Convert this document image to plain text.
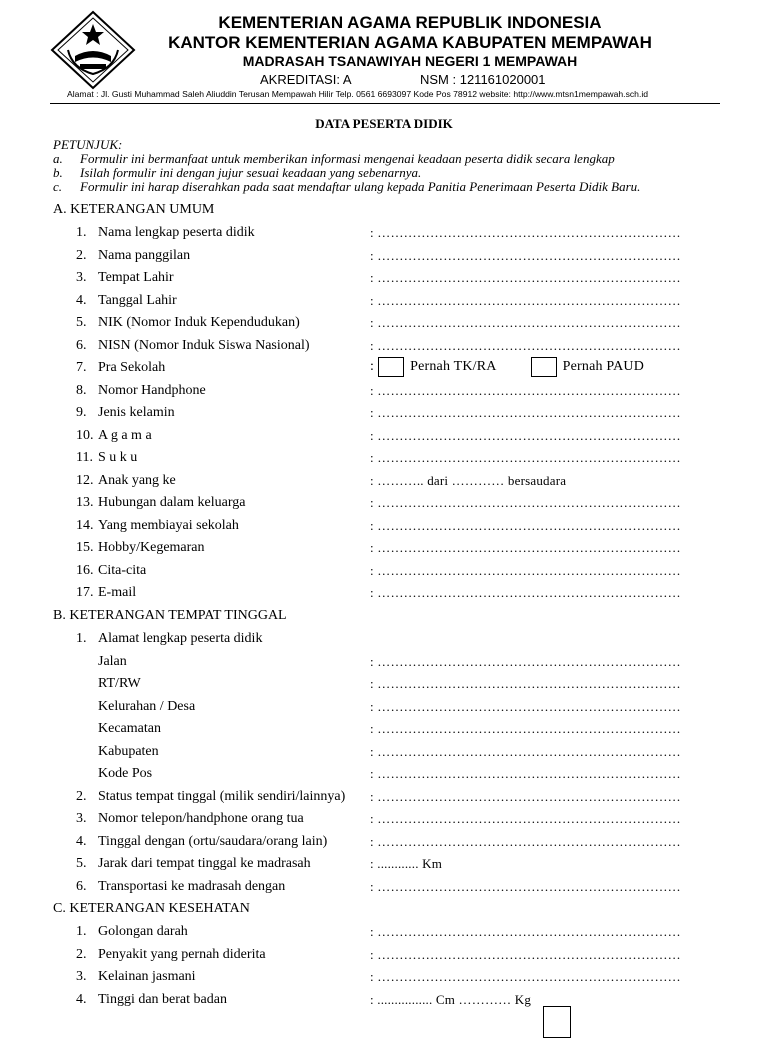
KEMENTERIAN AGAMA REPUBLIK INDONESIA
KANTOR KEMENTERIAN AGAMA KABUPATEN MEMPAWAH
MADRASAH TSANAWIYAH NEGERI 1 MEMPAWAH
AKREDITASI: A	NSM : 121161020001
Alamat : Jl. Gusti Muhammad Saleh Aliuddin Terusan Mempawah Hilir Telp. 0561 6693097 Kode Pos 78912 website: http://www.mtsn1mempawah.sch.id
DATA PESERTA DIDIK
PETUNJUK:
a. Formulir ini bermanfaat untuk memberikan informasi mengenai keadaan peserta didik secara lengkap
b. Isilah formulir ini dengan jujur sesuai keadaan yang sebenarnya.
c. Formulir ini harap diserahkan pada saat mendaftar ulang kepada Panitia Penerimaan Peserta Didik Baru.
A. KETERANGAN UMUM
1. Nama lengkap peserta didik	: ……………………………………………………………
2. Nama panggilan	: ……………………………………………………………
3. Tempat Lahir	: ……………………………………………………………
4. Tanggal Lahir	: ……………………………………………………………
5. NIK (Nomor Induk Kependudukan)	: ……………………………………………………………
6. NISN (Nomor Induk Siswa Nasional)	: ……………………………………………………………
7. Pra Sekolah	:	Pernah TK/RA	Pernah PAUD
8. Nomor Handphone	: ……………………………………………………………
9. Jenis kelamin	: ……………………………………………………………
10. A g a m a	: ……………………………………………………………
11. S u k u	: ……………………………………………………………
12. Anak yang ke	: ……….. dari ………… bersaudara
13. Hubungan dalam keluarga	: ……………………………………………………………
14. Yang membiayai sekolah	: ……………………………………………………………
15. Hobby/Kegemaran	: ……………………………………………………………
16. Cita-cita	: ……………………………………………………………
17. E-mail	: ……………………………………………………………
B. KETERANGAN TEMPAT TINGGAL
1. Alamat lengkap peserta didik
Jalan	: ……………………………………………………………
RT/RW	: ……………………………………………………………
Kelurahan / Desa	: ……………………………………………………………
Kecamatan	: ……………………………………………………………
Kabupaten	: ……………………………………………………………
Kode Pos	: ……………………………………………………………
2. Status tempat tinggal (milik sendiri/lainnya) : ……………………………………………………………
3. Nomor telepon/handphone orang tua	: ……………………………………………………………
4. Tinggal dengan (ortu/saudara/orang lain)	: ……………………………………………………………
5. Jarak dari tempat tinggal ke madrasah	: ............ Km
6. Transportasi ke madrasah dengan	: ……………………………………………………………
C. KETERANGAN KESEHATAN
1. Golongan darah	: ……………………………………………………………
2. Penyakit yang pernah diderita	: ……………………………………………………………
3. Kelainan jasmani	: ……………………………………………………………
4. Tinggi dan berat badan	: ................ Cm ………… Kg
